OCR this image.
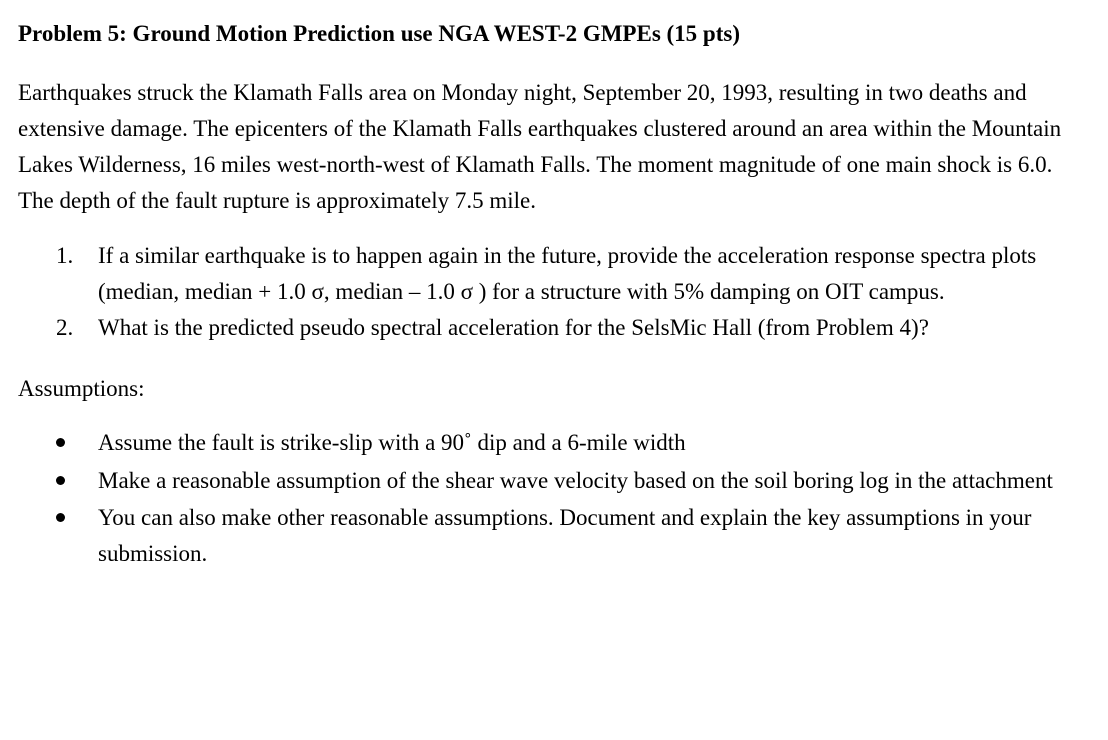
Problem 5: Ground Motion Prediction use NGA WEST-2 GMPEs (15 pts)

Earthquakes struck the Klamath Falls area on Monday night, September 20, 1993, resulting in two deaths and extensive damage. The epicenters of the Klamath Falls earthquakes clustered around an area within the Mountain Lakes Wilderness, 16 miles west-north-west of Klamath Falls. The moment magnitude of one main shock is 6.0. The depth of the fault rupture is approximately 7.5 mile.

1. If a similar earthquake is to happen again in the future, provide the acceleration response spectra plots (median, median + 1.0 σ, median – 1.0 σ ) for a structure with 5% damping on OIT campus.
2. What is the predicted pseudo spectral acceleration for the SelsMic Hall (from Problem 4)?

Assumptions:

Assume the fault is strike-slip with a 90˚ dip and a 6-mile width
Make a reasonable assumption of the shear wave velocity based on the soil boring log in the attachment
You can also make other reasonable assumptions. Document and explain the key assumptions in your submission.
